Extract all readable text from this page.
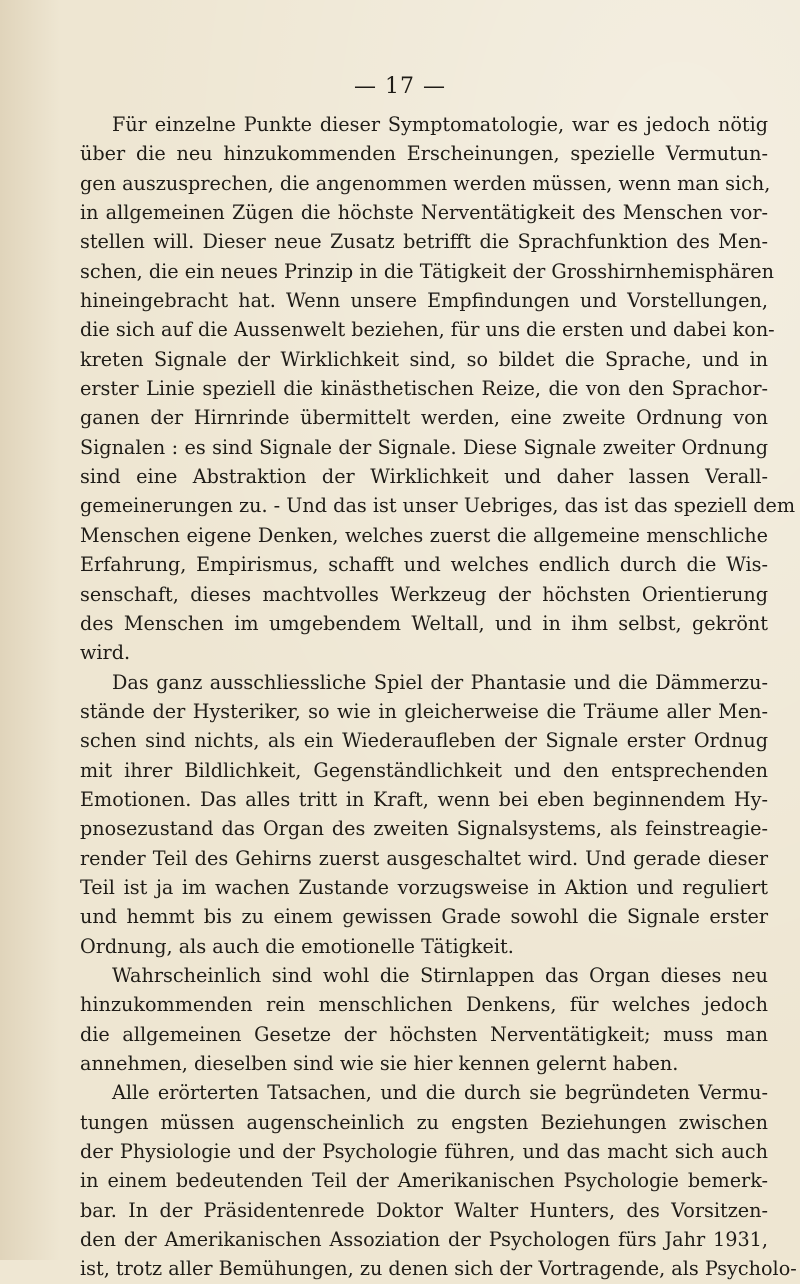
— 17 —

Für einzelne Punkte dieser Symptomatologie, war es jedoch nötig
über die neu hinzukommenden Erscheinungen, spezielle Vermutun-
gen auszusprechen, die angenommen werden müssen, wenn man sich,
in allgemeinen Zügen die höchste Nerventätigkeit des Menschen vor-
stellen will. Dieser neue Zusatz betrifft die Sprachfunktion des Men-
schen, die ein neues Prinzip in die Tätigkeit der Grosshirnhemisphären
hineingebracht hat. Wenn unsere Empfindungen und Vorstellungen,
die sich auf die Aussenwelt beziehen, für uns die ersten und dabei kon-
kreten Signale der Wirklichkeit sind, so bildet die Sprache, und in
erster Linie speziell die kinästhetischen Reize, die von den Sprachor-
ganen der Hirnrinde übermittelt werden, eine zweite Ordnung von
Signalen : es sind Signale der Signale. Diese Signale zweiter Ordnung
sind eine Abstraktion der Wirklichkeit und daher lassen Verall-
gemeinerungen zu. - Und das ist unser Uebriges, das ist das speziell dem
Menschen eigene Denken, welches zuerst die allgemeine menschliche
Erfahrung, Empirismus, schafft und welches endlich durch die Wis-
senschaft, dieses machtvolles Werkzeug der höchsten Orientierung
des Menschen im umgebendem Weltall, und in ihm selbst, gekrönt
wird.

Das ganz ausschliessliche Spiel der Phantasie und die Dämmerzu-
stände der Hysteriker, so wie in gleicherweise die Träume aller Men-
schen sind nichts, als ein Wiederaufleben der Signale erster Ordnug
mit ihrer Bildlichkeit, Gegenständlichkeit und den entsprechenden
Emotionen. Das alles tritt in Kraft, wenn bei eben beginnendem Hy-
pnosezustand das Organ des zweiten Signalsystems, als feinstreagie-
render Teil des Gehirns zuerst ausgeschaltet wird. Und gerade dieser
Teil ist ja im wachen Zustande vorzugsweise in Aktion und reguliert
und hemmt bis zu einem gewissen Grade sowohl die Signale erster
Ordnung, als auch die emotionelle Tätigkeit.

Wahrscheinlich sind wohl die Stirnlappen das Organ dieses neu
hinzukommenden rein menschlichen Denkens, für welches jedoch
die allgemeinen Gesetze der höchsten Nerventätigkeit; muss man
annehmen, dieselben sind wie sie hier kennen gelernt haben.

Alle erörterten Tatsachen, und die durch sie begründeten Vermu-
tungen müssen augenscheinlich zu engsten Beziehungen zwischen
der Physiologie und der Psychologie führen, und das macht sich auch
in einem bedeutenden Teil der Amerikanischen Psychologie bemerk-
bar. In der Präsidentenrede Doktor Walter Hunters, des Vorsitzen-
den der Amerikanischen Assoziation der Psychologen fürs Jahr 1931,
ist, trotz aller Bemühungen, zu denen sich der Vortragende, als Psycholo-
